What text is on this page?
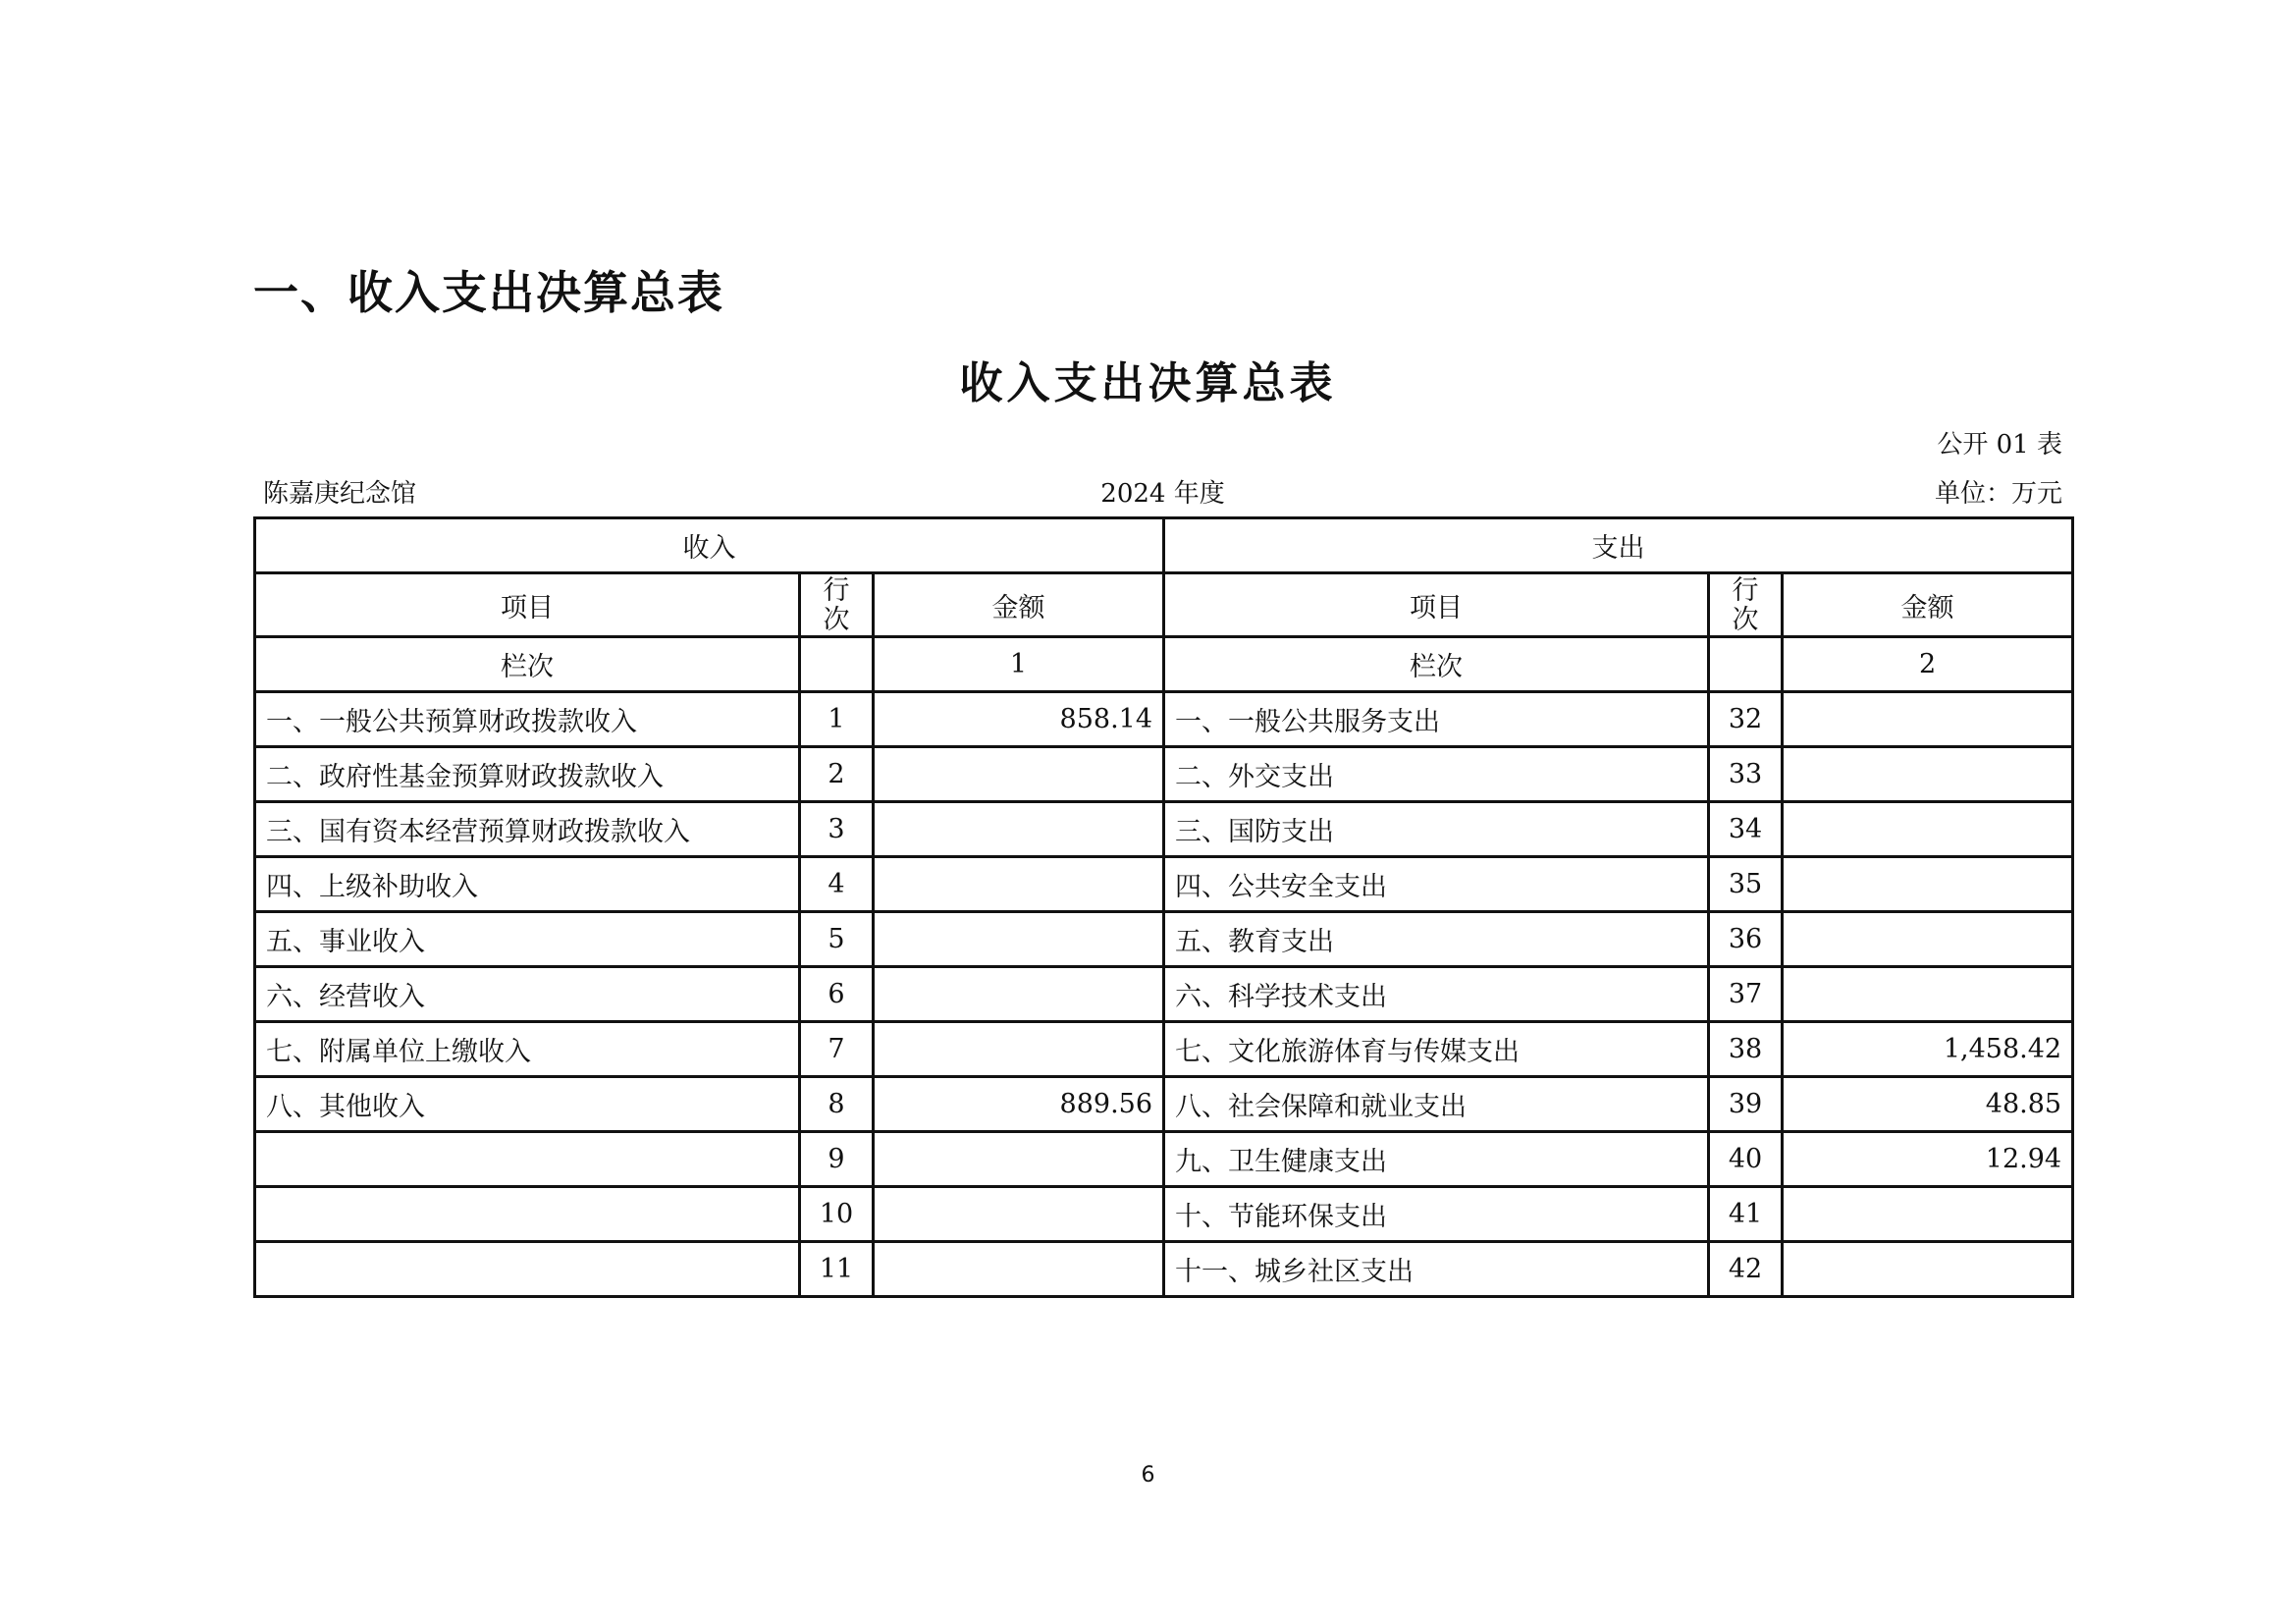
一、收入支出决算总表
收入支出决算总表
公开 01 表
陈嘉庚纪念馆	2024 年度	单位：万元
收入			支出		
项目	行次	金额	项目	行次	金额
栏次		1	栏次		2
一、一般公共预算财政拨款收入	1	858.14	一、一般公共服务支出	32	
二、政府性基金预算财政拨款收入	2		二、外交支出	33	
三、国有资本经营预算财政拨款收入	3		三、国防支出	34	
四、上级补助收入	4		四、公共安全支出	35	
五、事业收入	5		五、教育支出	36	
六、经营收入	6		六、科学技术支出	37	
七、附属单位上缴收入	7		七、文化旅游体育与传媒支出	38	1,458.42
八、其他收入	8	889.56	八、社会保障和就业支出	39	48.85
	9		九、卫生健康支出	40	12.94
	10		十、节能环保支出	41	
	11		十一、城乡社区支出	42	
6
